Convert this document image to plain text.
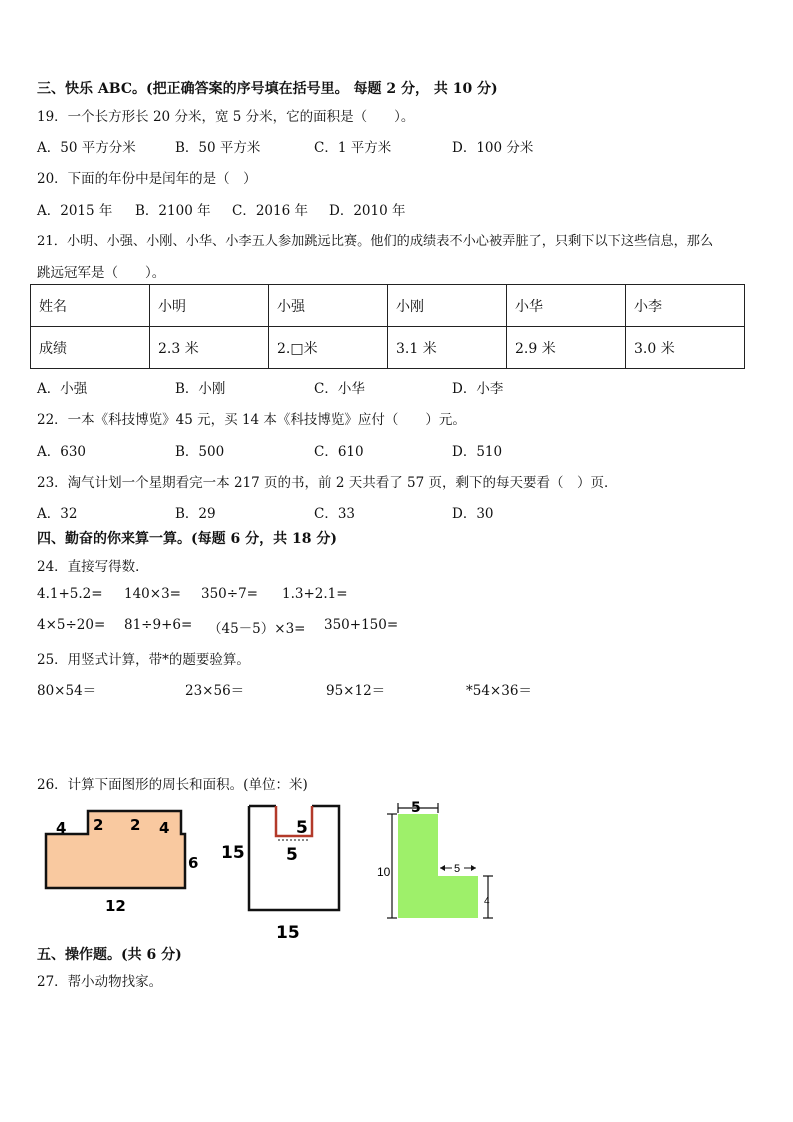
三、快乐 ABC。(把正确答案的序号填在括号里。 每题 2 分， 共 10 分)
19．一个长方形长 20 分米，宽 5 分米，它的面积是（　　）。
A．50 平方分米	B．50 平方米	C．1 平方米	D．100 分米
20．下面的年份中是闰年的是（　）
A．2015 年 B．2100 年 C．2016 年 D．2010 年
21．小明、小强、小刚、小华、小李五人参加跳远比赛。他们的成绩表不小心被弄脏了，只剩下以下这些信息，那么
跳远冠军是（　　）。
姓名	小明	小强	小刚	小华	小李
成绩	2.3 米	2.□米	3.1 米	2.9 米	3.0 米
A．小强	B．小刚	C．小华	D．小李
22．一本《科技博览》45 元，买 14 本《科技博览》应付（　　）元。
A．630	B．500	C．610	D．510
23．淘气计划一个星期看完一本 217 页的书，前 2 天共看了 57 页，剩下的每天要看（　）页．
A．32	B．29	C．33	D．30
四、勤奋的你来算一算。(每题 6 分，共 18 分)
24．直接写得数．
4.1+5.2= 140×3= 350÷7= 1.3+2.1=
4×5÷20= 81÷9+6= （45－5）×3= 350+150=
25．用竖式计算，带*的题要验算。
80×54＝	23×56＝	95×12＝	*54×36＝
26．计算下面图形的周长和面积。(单位：米)
4 2 2 4
6
12
5
5
15
15
5
10	5
4
五、操作题。(共 6 分)
27．帮小动物找家。
